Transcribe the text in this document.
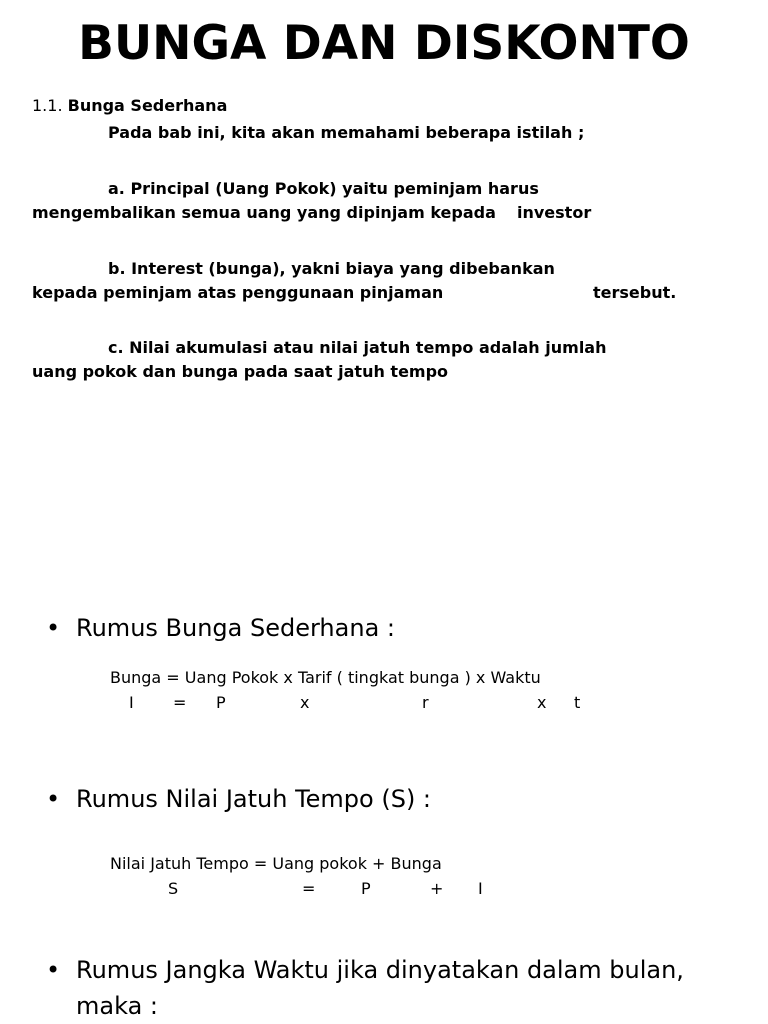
BUNGA DAN DISKONTO
1.1. Bunga Sederhana
Pada bab ini, kita akan memahami beberapa istilah ;
a. Principal (Uang Pokok) yaitu peminjam harus
mengembalikan semua uang yang dipinjam kepada investor
b. Interest (bunga), yakni biaya yang dibebankan
kepada peminjam atas penggunaan pinjaman	tersebut.
c. Nilai akumulasi atau nilai jatuh tempo adalah jumlah
uang pokok dan bunga pada saat jatuh tempo
• Rumus Bunga Sederhana :
Bunga = Uang Pokok x Tarif ( tingkat bunga ) x Waktu
I = P	x	r	x t
• Rumus Nilai Jatuh Tempo (S) :
Nilai Jatuh Tempo = Uang pokok + Bunga
S	=	P	+ I
• Rumus Jangka Waktu jika dinyatakan dalam bulan,
maka :
